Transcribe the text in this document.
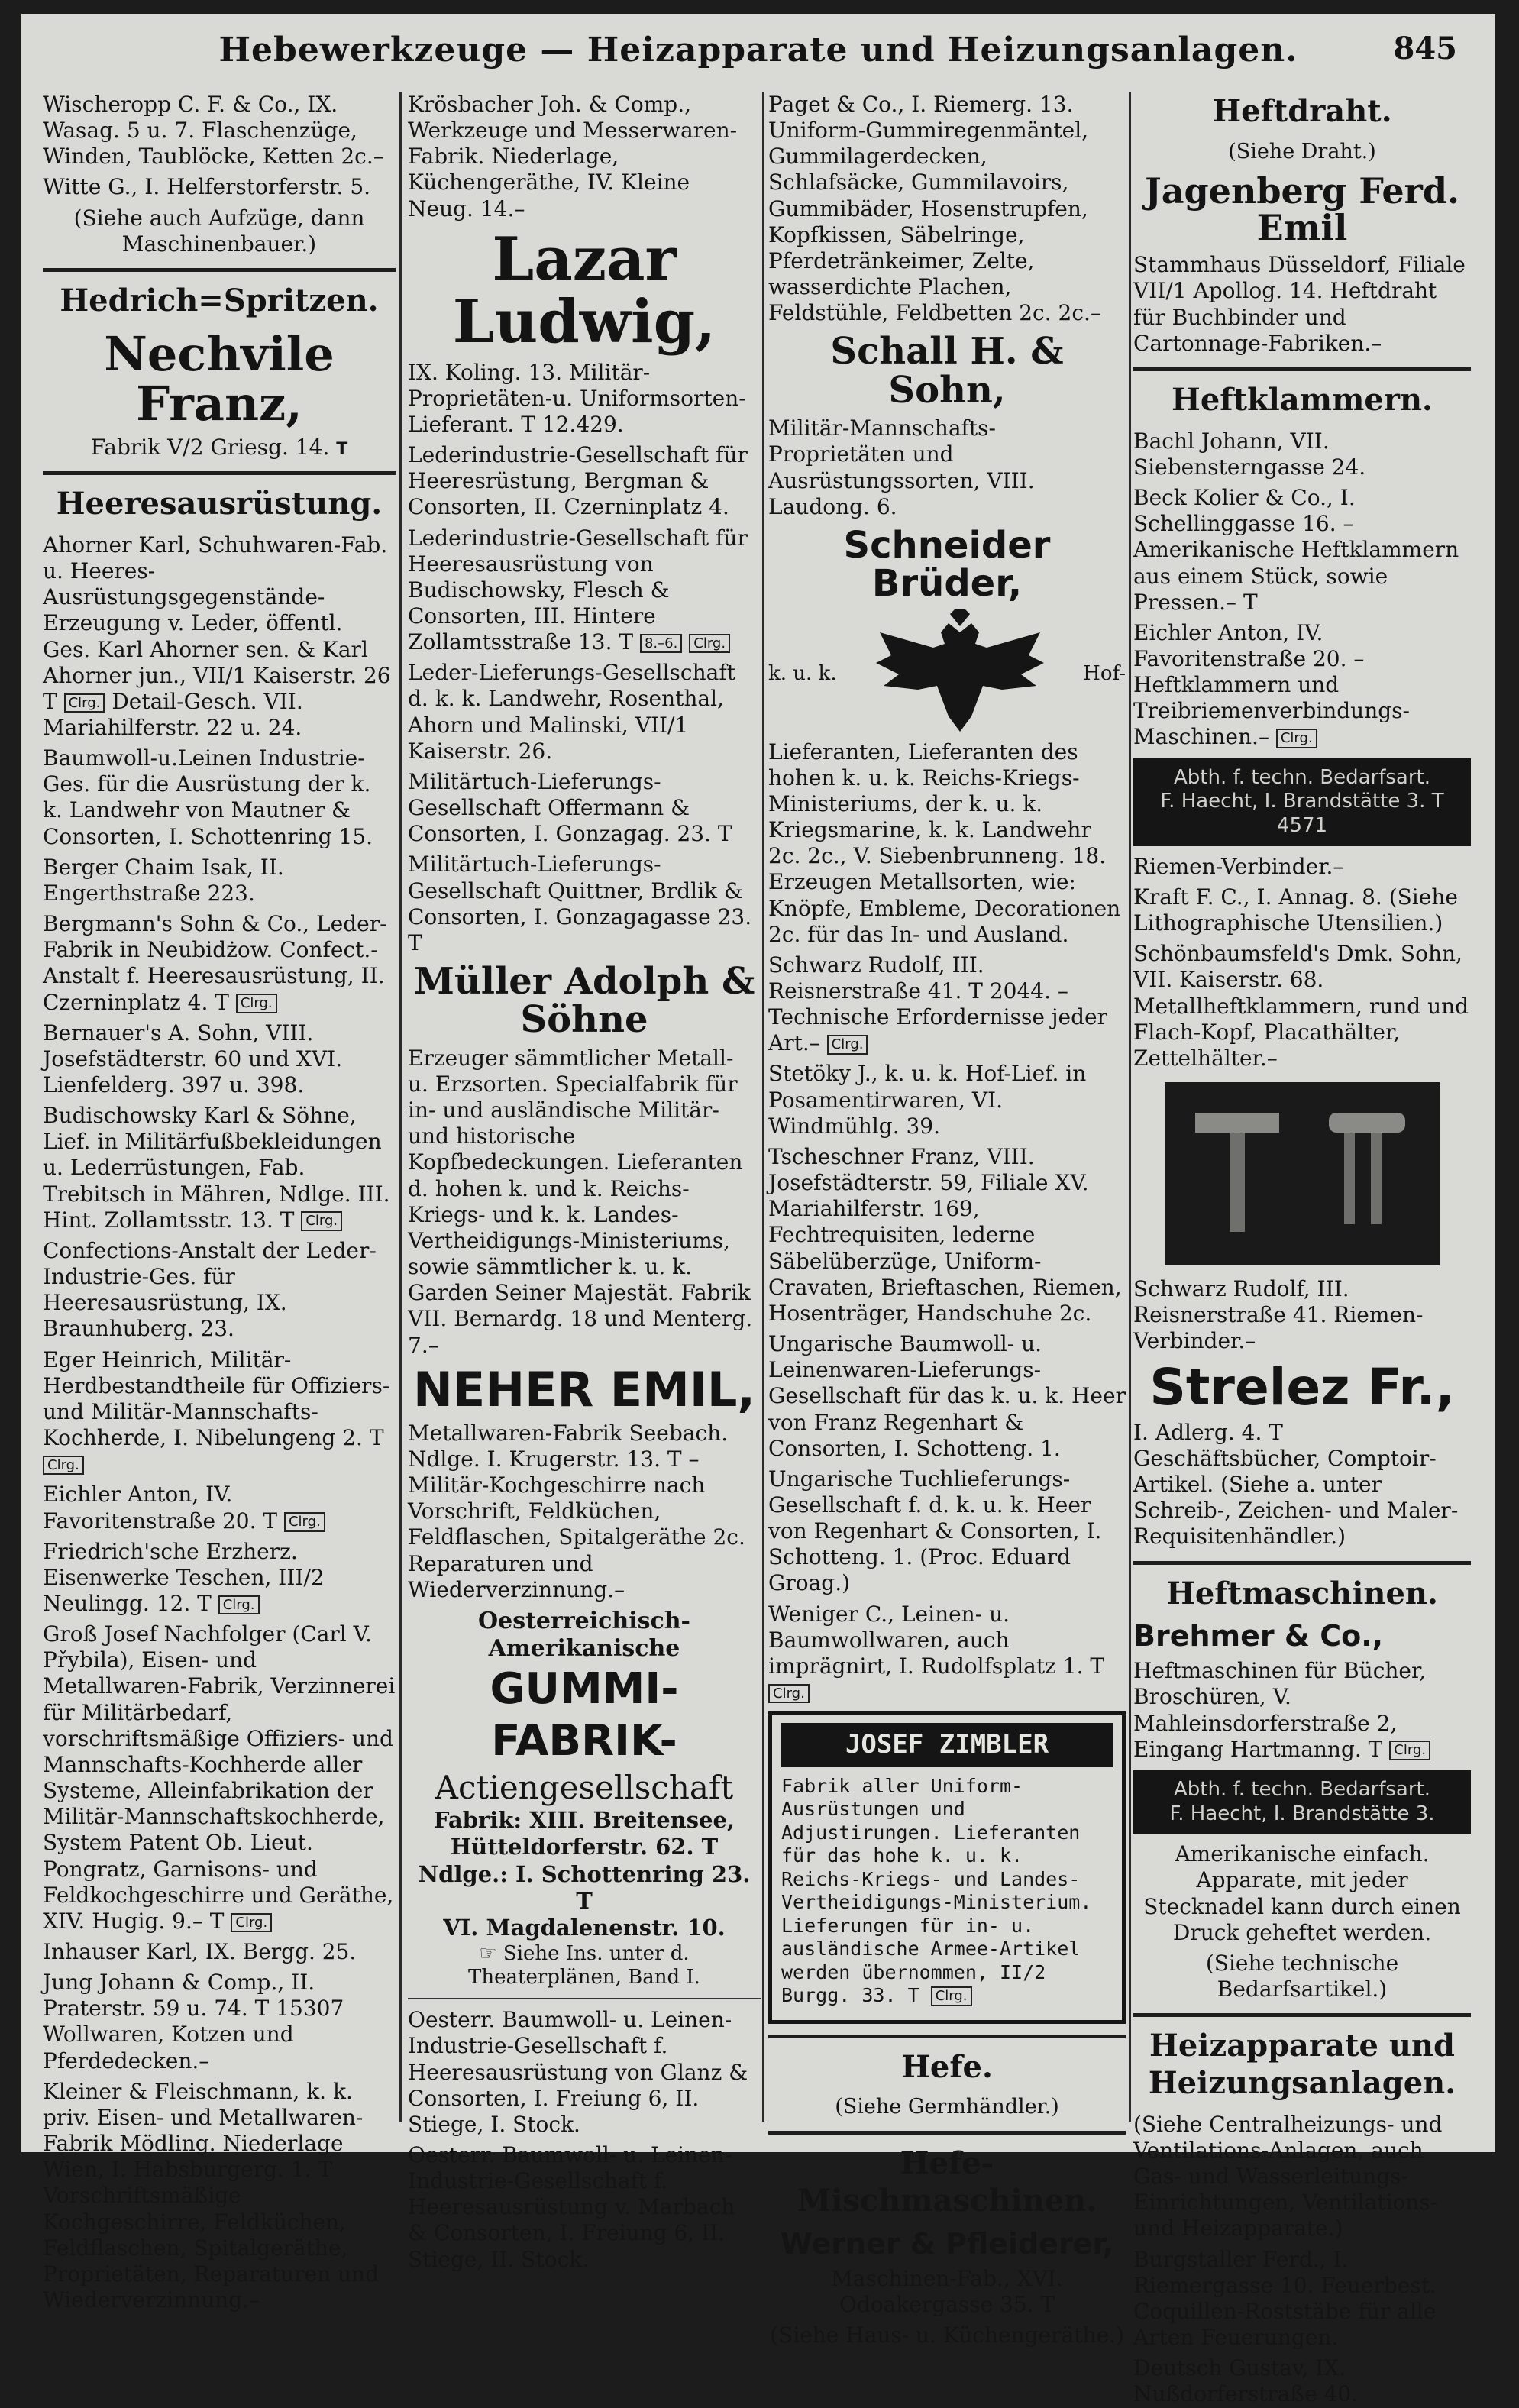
Hebewerkzeuge — Heizapparate und Heizungsanlagen.	845

Wischeropp C. F. & Co., IX. Wasag. 5 u. 7. Flaschenzüge, Winden, Taublöcke, Ketten 2c.–

Witte G., I. Helferstorferstr. 5.

(Siehe auch Aufzüge, dann Maschinenbauer.)

Hedrich=Spritzen.
Nechvile Franz,

Fabrik V/2 Griesg. 14. T

Heeresausrüstung.

Ahorner Karl, Schuhwaren-Fab. u. Heeres-Ausrüstungsgegenstände-Erzeugung v. Leder, öffentl. Ges. Karl Ahorner sen. & Karl Ahorner jun., VII/1 Kaiserstr. 26 T Clrg. Detail-Gesch. VII. Mariahilferstr. 22 u. 24.

Baumwoll-u.Leinen Industrie-Ges. für die Ausrüstung der k. k. Landwehr von Mautner & Consorten, I. Schottenring 15.

Berger Chaim Isak, II. Engerthstraße 223.

Bergmann's Sohn & Co., Leder-Fabrik in Neubidżow. Confect.-Anstalt f. Heeresausrüstung, II. Czerninplatz 4. T Clrg.

Bernauer's A. Sohn, VIII. Josefstädterstr. 60 und XVI. Lienfelderg. 397 u. 398.

Budischowsky Karl & Söhne, Lief. in Militärfußbekleidungen u. Lederrüstungen, Fab. Trebitsch in Mähren, Ndlge. III. Hint. Zollamtsstr. 13. T Clrg.

Confections-Anstalt der Leder-Industrie-Ges. für Heeresausrüstung, IX. Braunhuberg. 23.

Eger Heinrich, Militär-Herdbestandtheile für Offiziers- und Militär-Mannschafts-Kochherde, I. Nibelungeng 2. T Clrg.

Eichler Anton, IV. Favoritenstraße 20. T Clrg.

Friedrich'sche Erzherz. Eisenwerke Teschen, III/2 Neulingg. 12. T Clrg.

Groß Josef Nachfolger (Carl V. Přybila), Eisen- und Metallwaren-Fabrik, Verzinnerei für Militärbedarf, vorschriftsmäßige Offiziers- und Mannschafts-Kochherde aller Systeme, Alleinfabrikation der Militär-Mannschaftskochherde, System Patent Ob. Lieut. Pongratz, Garnisons- und Feldkochgeschirre und Geräthe, XIV. Hugig. 9.– T Clrg.

Inhauser Karl, IX. Bergg. 25.

Jung Johann & Comp., II. Praterstr. 59 u. 74. T 15307 Wollwaren, Kotzen und Pferdedecken.–

Kleiner & Fleischmann, k. k. priv. Eisen- und Metallwaren-Fabrik Mödling. Niederlage Wien, I. Habsburgerg. 1. T Vorschriftsmäßige Kochgeschirre, Feldküchen, Feldflaschen, Spitalgeräthe, Proprietäten, Reparaturen und Wiederverzinnung.–

Krösbacher Joh. & Comp., Werkzeuge und Messerwaren-Fabrik. Niederlage, Küchengeräthe, IV. Kleine Neug. 14.–

Lazar Ludwig,

IX. Koling. 13. Militär-Proprietäten-u. Uniformsorten-Lieferant. T 12.429.

Lederindustrie-Gesellschaft für Heeresrüstung, Bergman & Consorten, II. Czerninplatz 4.

Lederindustrie-Gesellschaft für Heeresausrüstung von Budischowsky, Flesch & Consorten, III. Hintere Zollamtsstraße 13. T 8.–6. Clrg.

Leder-Lieferungs-Gesellschaft d. k. k. Landwehr, Rosenthal, Ahorn und Malinski, VII/1 Kaiserstr. 26.

Militärtuch-Lieferungs-Gesellschaft Offermann & Consorten, I. Gonzagag. 23. T

Militärtuch-Lieferungs-Gesellschaft Quittner, Brdlik & Consorten, I. Gonzagagasse 23. T

Müller Adolph & Söhne

Erzeuger sämmtlicher Metall- u. Erzsorten. Specialfabrik für in- und ausländische Militär- und historische Kopfbedeckungen. Lieferanten d. hohen k. und k. Reichs-Kriegs- und k. k. Landes-Vertheidigungs-Ministeriums, sowie sämmtlicher k. u. k. Garden Seiner Majestät. Fabrik VII. Bernardg. 18 und Menterg. 7.–

NEHER EMIL,

Metallwaren-Fabrik Seebach. Ndlge. I. Krugerstr. 13. T –Militär-Kochgeschirre nach Vorschrift, Feldküchen, Feldflaschen, Spitalgeräthe 2c. Reparaturen und Wiederverzinnung.–

Oesterreichisch-Amerikanische
GUMMI-FABRIK-
Actiengesellschaft
Fabrik: XIII. Breitensee, Hütteldorferstr. 62. T
Ndlge.: I. Schottenring 23. T
VI. Magdalenenstr. 10.
☞ Siehe Ins. unter d. Theaterplänen, Band I.

Oesterr. Baumwoll- u. Leinen-Industrie-Gesellschaft f. Heeresausrüstung von Glanz & Consorten, I. Freiung 6, II. Stiege, I. Stock.

Oesterr. Baumwoll- u. Leinen-Industrie-Gesellschaft f. Heeresausrüstung v. Marbach & Consorten, I. Freiung 6, II. Stiege, II. Stock.

Paget & Co., I. Riemerg. 13. Uniform-Gummiregenmäntel, Gummilagerdecken, Schlafsäcke, Gummilavoirs, Gummibäder, Hosenstrupfen, Kopfkissen, Säbelringe, Pferdetränkeimer, Zelte, wasserdichte Plachen, Feldstühle, Feldbetten 2c. 2c.–

Schall H. & Sohn,

Militär-Mannschafts-Proprietäten und Ausrüstungssorten, VIII. Laudong. 6.

Schneider Brüder,
k. u. k.	Hof-

Lieferanten, Lieferanten des hohen k. u. k. Reichs-Kriegs-Ministeriums, der k. u. k. Kriegsmarine, k. k. Landwehr 2c. 2c., V. Siebenbrunneng. 18. Erzeugen Metallsorten, wie: Knöpfe, Embleme, Decorationen 2c. für das In- und Ausland.

Schwarz Rudolf, III. Reisnerstraße 41. T 2044. –Technische Erfordernisse jeder Art.– Clrg.

Stetöky J., k. u. k. Hof-Lief. in Posamentirwaren, VI. Windmühlg. 39.

Tscheschner Franz, VIII. Josefstädterstr. 59, Filiale XV. Mariahilferstr. 169, Fechtrequisiten, lederne Säbelüberzüge, Uniform-Cravaten, Brieftaschen, Riemen, Hosenträger, Handschuhe 2c.

Ungarische Baumwoll- u. Leinenwaren-Lieferungs-Gesellschaft für das k. u. k. Heer von Franz Regenhart & Consorten, I. Schotteng. 1.

Ungarische Tuchlieferungs-Gesellschaft f. d. k. u. k. Heer von Regenhart & Consorten, I. Schotteng. 1. (Proc. Eduard Groag.)

Weniger C., Leinen- u. Baumwollwaren, auch imprägnirt, I. Rudolfsplatz 1. T Clrg.

JOSEF ZIMBLER

Fabrik aller Uniform-Ausrüstungen und Adjustirungen. Lieferanten für das hohe k. u. k. Reichs-Kriegs- und Landes-Vertheidigungs-Ministerium. Lieferungen für in- u. ausländische Armee-Artikel werden übernommen, II/2 Burgg. 33. T Clrg.

Hefe.
(Siehe Germhändler.)
Hefe-Mischmaschinen.
Werner & Pfleiderer,

Maschinen-Fab., XVI. Odoakergasse 35. T

(Siehe Haus- u. Küchengeräthe.)

Heftdraht.
(Siehe Draht.)
Jagenberg Ferd. Emil

Stammhaus Düsseldorf, Filiale VII/1 Apollog. 14. Heftdraht für Buchbinder und Cartonnage-Fabriken.–

Heftklammern.

Bachl Johann, VII. Siebensterngasse 24.

Beck Kolier & Co., I. Schellinggasse 16. –Amerikanische Heftklammern aus einem Stück, sowie Pressen.– T

Eichler Anton, IV. Favoritenstraße 20. –Heftklammern und Treibriemenverbindungs-Maschinen.– Clrg.

Abth. f. techn. Bedarfsart.
F. Haecht, I. Brandstätte 3. T 4571

Riemen-Verbinder.–

Kraft F. C., I. Annag. 8. (Siehe Lithographische Utensilien.)

Schönbaumsfeld's Dmk. Sohn, VII. Kaiserstr. 68. Metallheftklammern, rund und Flach-Kopf, Placathälter, Zettelhälter.–

Schwarz Rudolf, III. Reisnerstraße 41. Riemen-Verbinder.–

Strelez Fr.,

I. Adlerg. 4. T Geschäftsbücher, Comptoir-Artikel. (Siehe a. unter Schreib-, Zeichen- und Maler-Requisitenhändler.)

Heftmaschinen.
Brehmer & Co.,

Heftmaschinen für Bücher, Broschüren, V. Mahleinsdorferstraße 2, Eingang Hartmanng. T Clrg.

Abth. f. techn. Bedarfsart.
F. Haecht, I. Brandstätte 3.

Amerikanische einfach. Apparate, mit jeder Stecknadel kann durch einen Druck geheftet werden.

(Siehe technische Bedarfsartikel.)

Heizapparate und Heizungsanlagen.

(Siehe Centralheizungs- und Ventilations-Anlagen, auch Gas- und Wasserleitungs-Einrichtungen, Ventilations- und Heizapparate.)

Burgstaller Ferd., I. Riemergasse 10. Feuerbest. Coquillen-Roststäbe für alle Arten Feuerungen.

Deutsch Gustav, IX. Nußdorferstraße 40.
